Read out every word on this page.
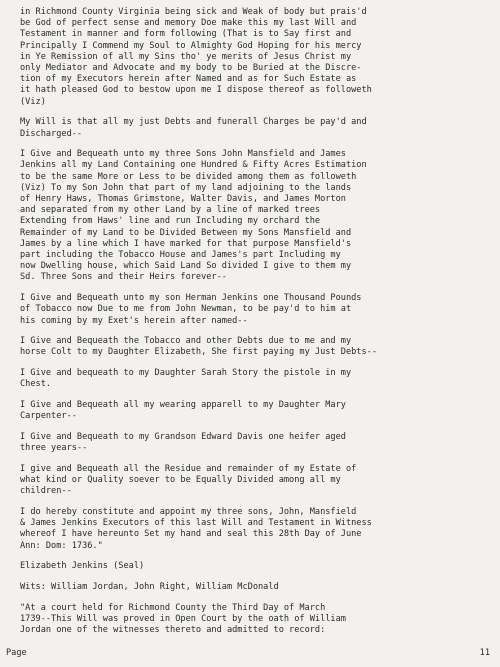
in Richmond County Virginia being sick and Weak of body but prais'd
be God of perfect sense and memory Doe make this my last Will and
Testament in manner and form following (That is to Say first and
Principally I Commend my Soul to Almighty God Hoping for his mercy
in Ye Remission of all my Sins tho' ye merits of Jesus Christ my
only Mediator and Advocate and my body to be Buried at the Discre-
tion of my Executors herein after Named and as for Such Estate as
it hath pleased God to bestow upon me I dispose thereof as followeth
(Viz)

My Will is that all my just Debts and funerall Charges be pay'd and
Discharged--

I Give and Bequeath unto my three Sons John Mansfield and James
Jenkins all my Land Containing one Hundred & Fifty Acres Estimation
to be the same More or Less to be divided among them as followeth
(Viz) To my Son John that part of my land adjoining to the lands
of Henry Haws, Thomas Grimstone, Walter Davis, and James Morton
and separated from my other Land by a line of marked trees
Extending from Haws' line and run Including my orchard the
Remainder of my Land to be Divided Between my Sons Mansfield and
James by a line which I have marked for that purpose Mansfield's
part including the Tobacco House and James's part Including my
now Dwelling house, which Said Land So divided I give to them my
Sd. Three Sons and their Heirs forever--

I Give and Bequeath unto my son Herman Jenkins one Thousand Pounds
of Tobacco now Due to me from John Newman, to be pay'd to him at
his coming by my Exet's herein after named--

I Give and Bequeath the Tobacco and other Debts due to me and my
horse Colt to my Daughter Elizabeth, She first paying my Just Debts--

I Give and bequeath to my Daughter Sarah Story the pistole in my
Chest.

I Give and Bequeath all my wearing apparell to my Daughter Mary
Carpenter--

I Give and Bequeath to my Grandson Edward Davis one heifer aged
three years--

I give and Bequeath all the Residue and remainder of my Estate of
what kind or Quality soever to be Equally Divided among all my
children--

I do hereby constitute and appoint my three sons, John, Mansfield
& James Jenkins Executors of this last Will and Testament in Witness
whereof I have hereunto Set my hand and seal this 28th Day of June
Ann: Dom: 1736."

Elizabeth Jenkins (Seal)

Wits: William Jordan, John Right, William McDonald

"At a court held for Richmond County the Third Day of March
1739--This Will was proved in Open Court by the oath of William
Jordan one of the witnesses thereto and admitted to record:

Page	11
